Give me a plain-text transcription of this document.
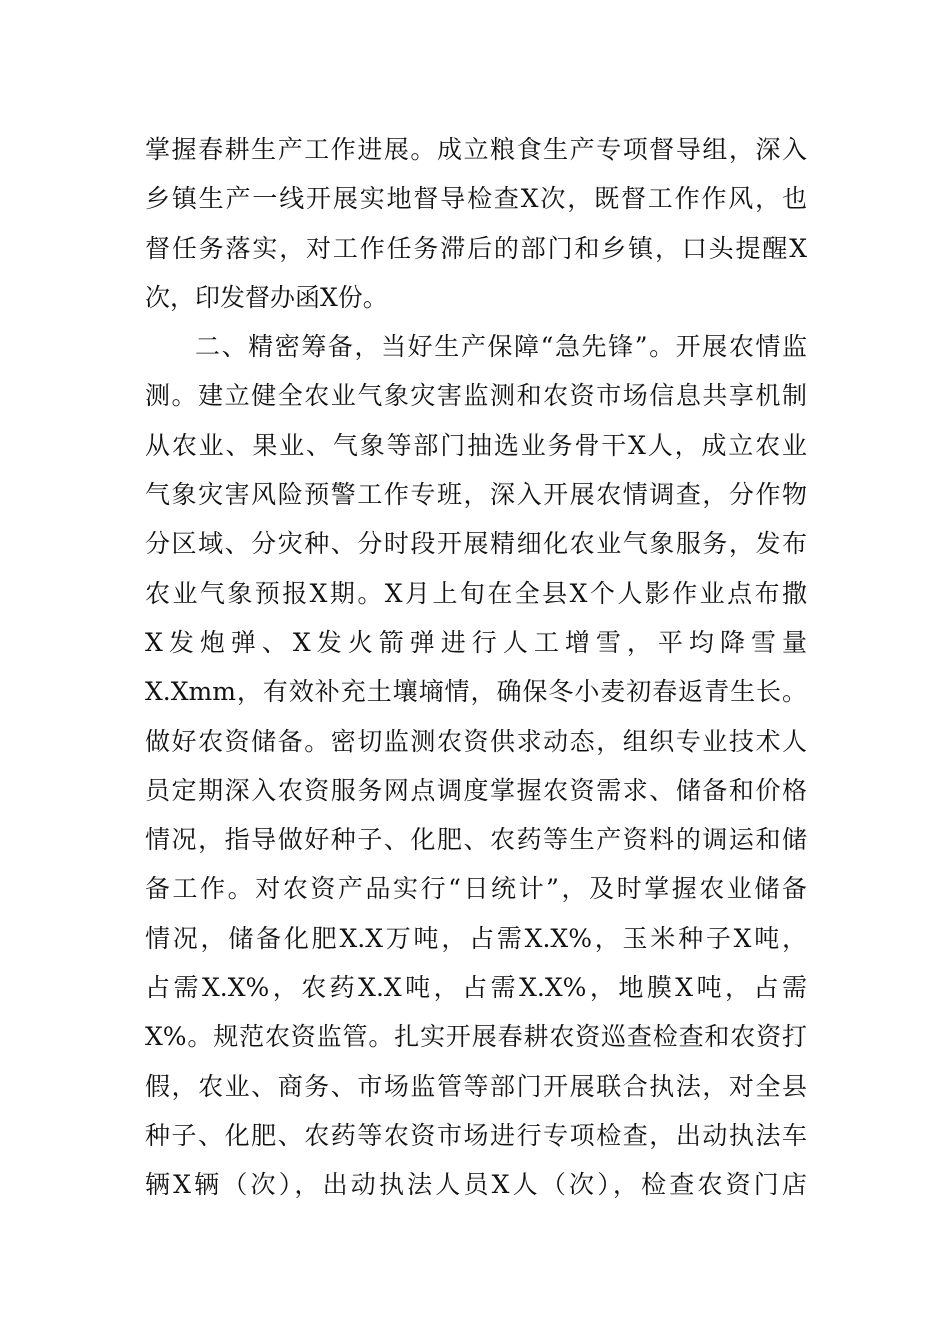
掌握春耕生产工作进展。成立粮食生产专项督导组，深入
乡镇生产一线开展实地督导检查X次，既督工作作风，也
督任务落实，对工作任务滞后的部门和乡镇，口头提醒X
次，印发督办函X份。
二、精密筹备，当好生产保障“急先锋”。开展农情监
测。建立健全农业气象灾害监测和农资市场信息共享机制
从农业、果业、气象等部门抽选业务骨干X人，成立农业
气象灾害风险预警工作专班，深入开展农情调查，分作物
分区域、分灾种、分时段开展精细化农业气象服务，发布
农业气象预报X期。X月上旬在全县X个人影作业点布撒
X发炮弹、X发火箭弹进行人工增雪，平均降雪量
X.Xmm，有效补充土壤墒情，确保冬小麦初春返青生长。
做好农资储备。密切监测农资供求动态，组织专业技术人
员定期深入农资服务网点调度掌握农资需求、储备和价格
情况，指导做好种子、化肥、农药等生产资料的调运和储
备工作。对农资产品实行“日统计”，及时掌握农业储备
情况，储备化肥X.X万吨，占需X.X%，玉米种子X吨，
占需X.X%，农药X.X吨，占需X.X%，地膜X吨，占需
X%。规范农资监管。扎实开展春耕农资巡查检查和农资打
假，农业、商务、市场监管等部门开展联合执法，对全县
种子、化肥、农药等农资市场进行专项检查，出动执法车
辆X辆（次），出动执法人员X人（次），检查农资门店
